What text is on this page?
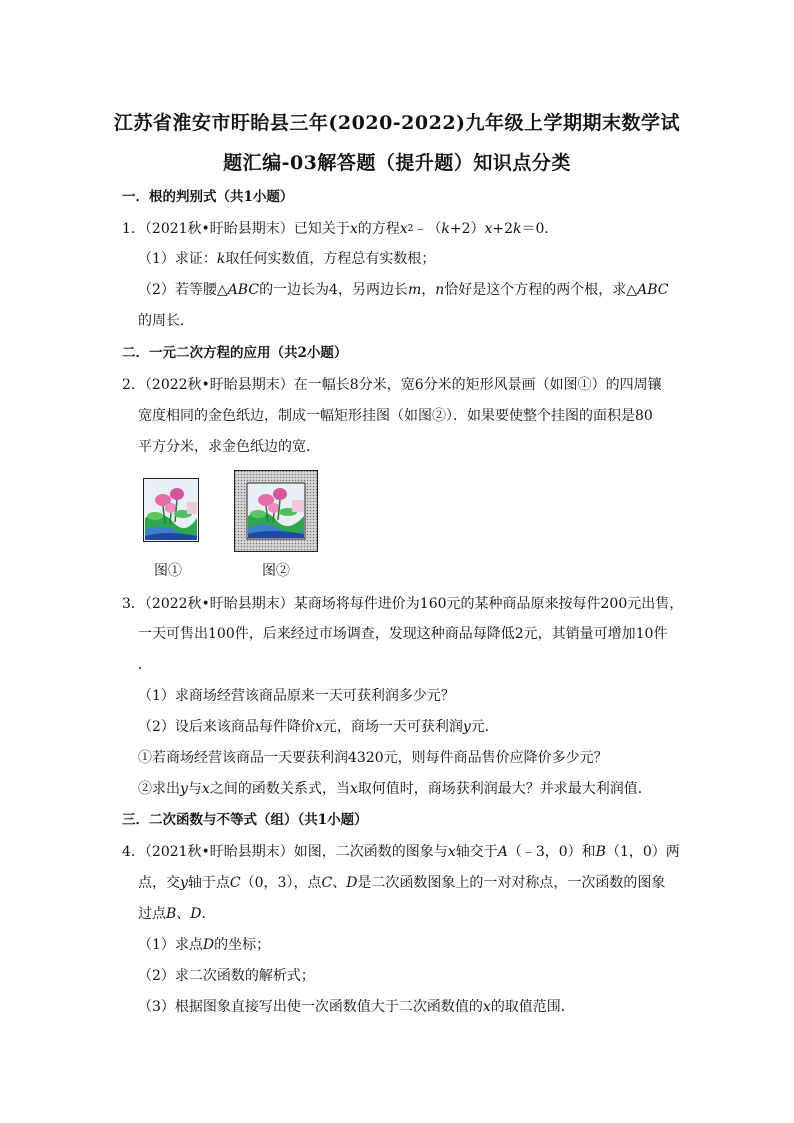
江苏省淮安市盱眙县三年(2020-2022)九年级上学期期末数学试
题汇编-03解答题（提升题）知识点分类
一．根的判别式（共1小题）
1．（2021秋•盱眙县期末）已知关于x的方程$x^2﹣(k+2)x+2k=0$．
（1）求证：k取任何实数值，方程总有实数根；
（2）若等腰△ABC的一边长为4，另两边长m，n恰好是这个方程的两个根，求△ABC
的周长．
二．一元二次方程的应用（共2小题）
2．（2022秋•盱眙县期末）在一幅长8分米，宽6分米的矩形风景画（如图①）的四周镶
宽度相同的金色纸边，制成一幅矩形挂图（如图②）．如果要使整个挂图的面积是80
平方分米，求金色纸边的宽．
图①	图②
3．（2022秋•盱眙县期末）某商场将每件进价为160元的某种商品原来按每件200元出售，
一天可售出100件，后来经过市场调查，发现这种商品每降低2元，其销量可增加10件
．
（1）求商场经营该商品原来一天可获利润多少元？
（2）设后来该商品每件降价x元，商场一天可获利润y元．
①若商场经营该商品一天要获利润4320元，则每件商品售价应降价多少元？
②求出y与x之间的函数关系式，当x取何值时，商场获利润最大？并求最大利润值．
三．二次函数与不等式（组）（共1小题）
4．（2021秋•盱眙县期末）如图，二次函数的图象与x轴交于A（﹣3，0）和B（1，0）两
点，交y轴于点C（0，3），点C、D是二次函数图象上的一对对称点，一次函数的图象
过点B、D．
（1）求点D的坐标；
（2）求二次函数的解析式；
（3）根据图象直接写出使一次函数值大于二次函数值的x的取值范围．
